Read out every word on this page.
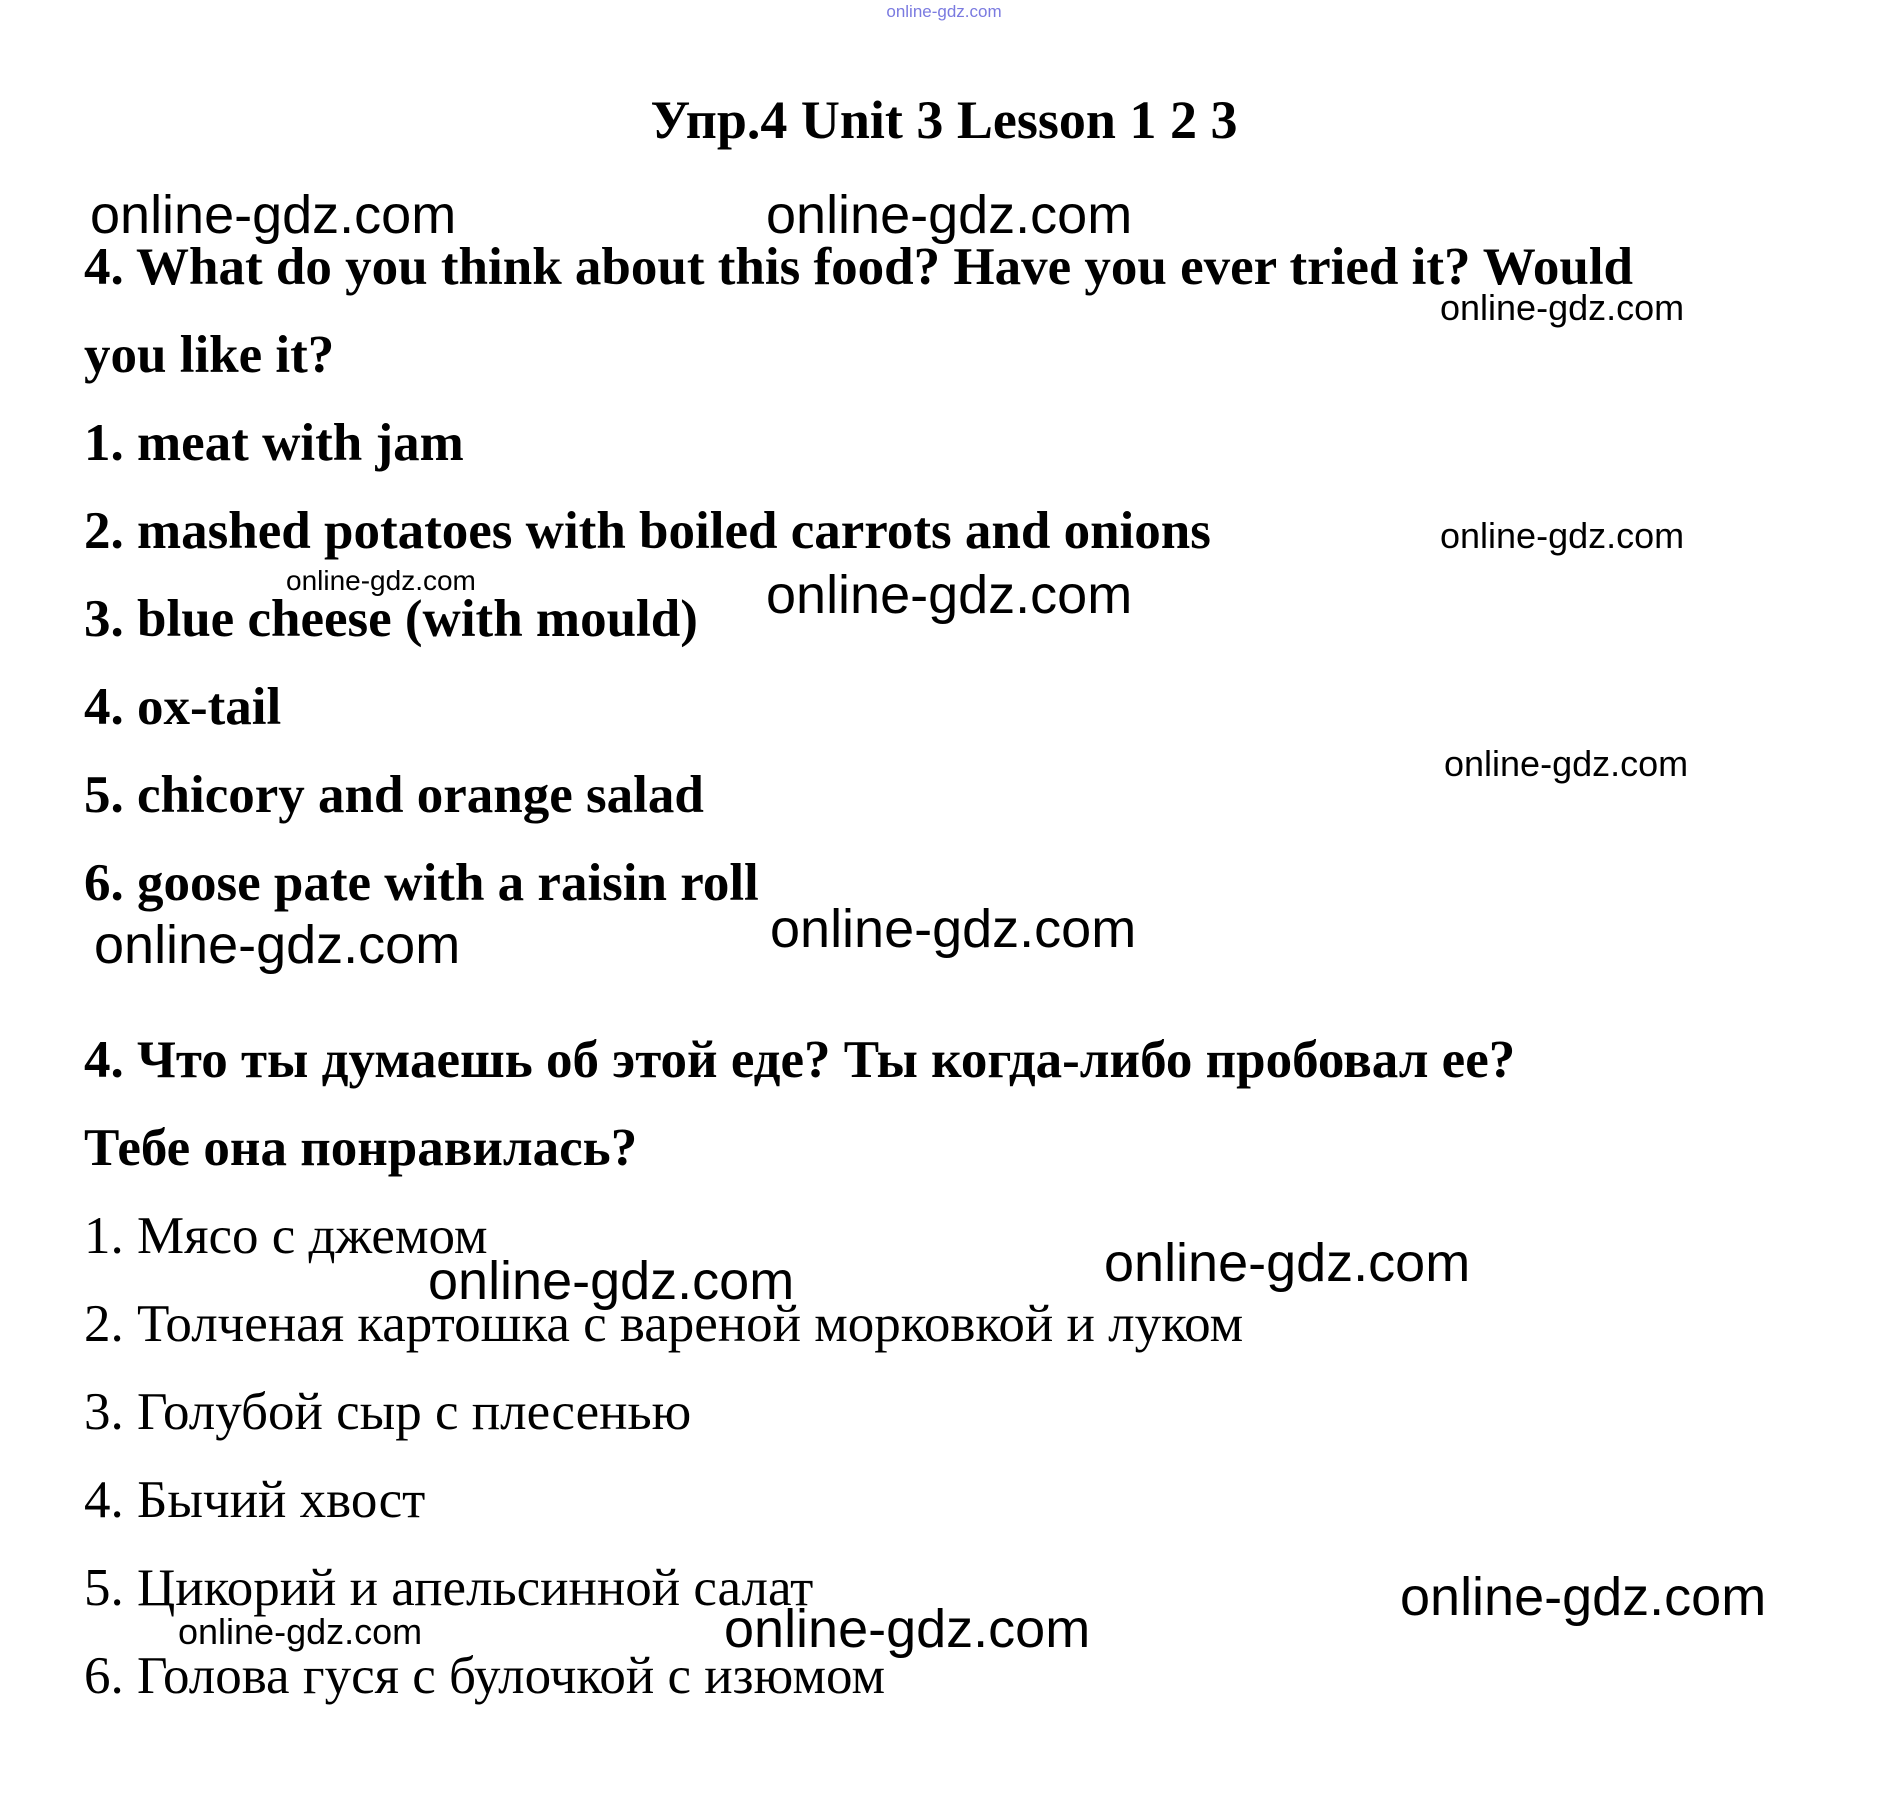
online-gdz.com
Упр.4 Unit 3 Lesson 1 2 3
4. What do you think about this food? Have you ever tried it? Would
you like it?
1. meat with jam
2. mashed potatoes with boiled carrots and onions
3. blue cheese (with mould)
4. ox-tail
5. chicory and orange salad
6. goose pate with a raisin roll
4. Что ты думаешь об этой еде? Ты когда-либо пробовал ее?
Тебе она понравилась?
1. Мясо с джемом
2. Толченая картошка с вареной морковкой и луком
3. Голубой сыр с плесенью
4. Бычий хвост
5. Цикорий и апельсинной салат
6. Голова гуся с булочкой с изюмом
online-gdz.com	online-gdz.com
online-gdz.com
online-gdz.com
online-gdz.com	online-gdz.com
online-gdz.com
online-gdz.com	online-gdz.com
online-gdz.com
online-gdz.com
online-gdz.com
online-gdz.com	online-gdz.com
